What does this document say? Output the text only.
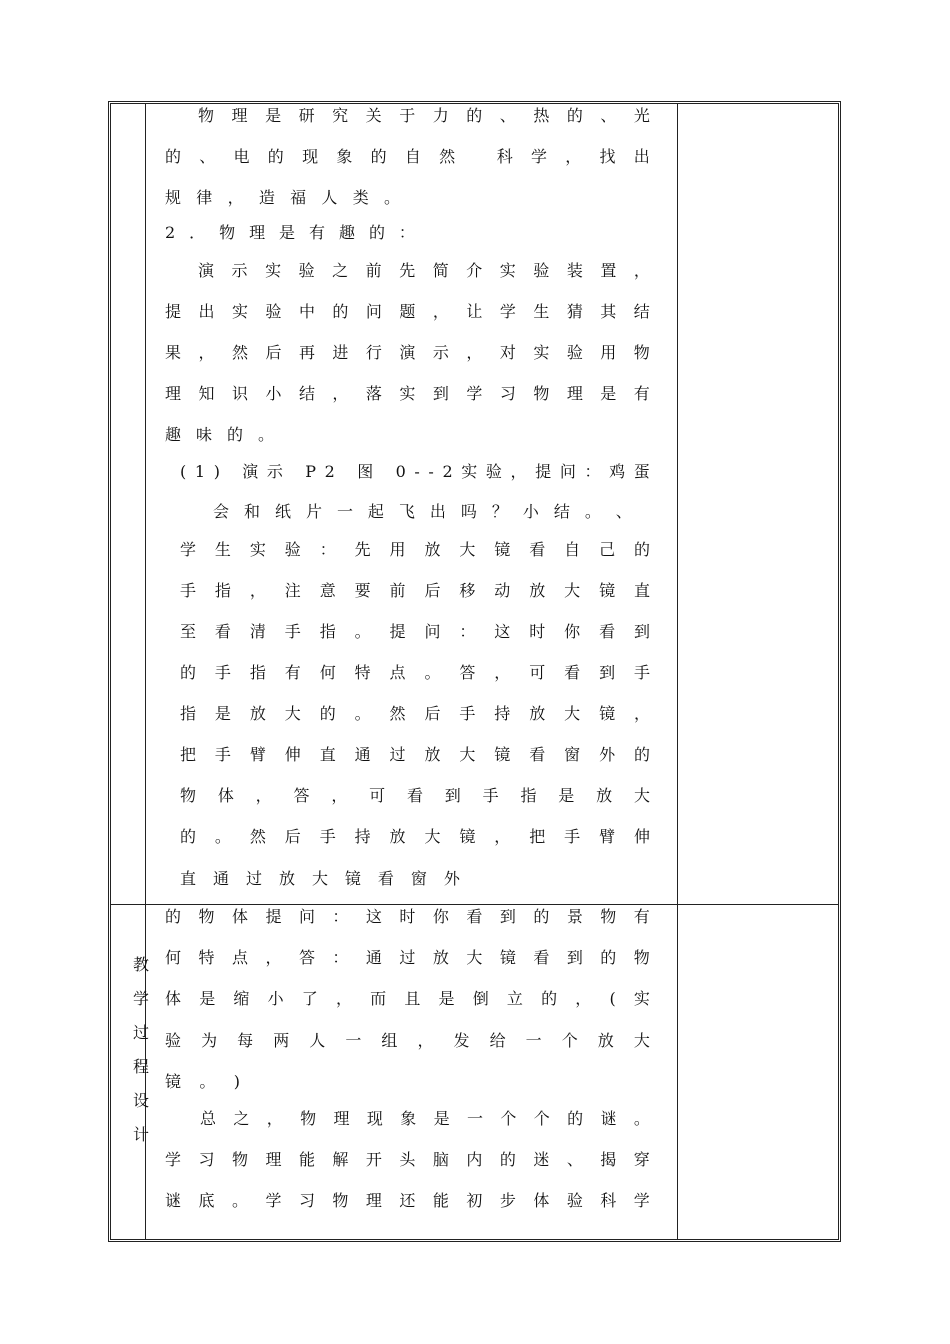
教
学
过
程
设
计
物 理 是 研 究 关 于 力 的 、 热 的 、 光
的 、 电 的 现 象 的 自 然
	科 学 ， 找 出
规 律 ， 造 福 人 类 。
2 ． 物 理 是 有 趣 的 ：
演 示 实 验 之 前 先 简 介 实 验 装 置 ，
提 出 实 验 中 的 问 题 ， 让 学 生 猜 其 结
果 ， 然 后 再 进 行 演 示 ， 对 实 验 用 物
理 知 识 小 结 ， 落 实 到 学 习 物 理 是 有
趣 味 的 。
( 1 )
演 示
P 2
图
0 - - 2 实 验 ， 提 问 ： 鸡 蛋
会 和 纸 片 一 起 飞 出 吗 ？ 小 结 。 、
学 生 实 验 ： 先 用 放 大 镜 看 自 己 的
手 指 ， 注 意 要 前 后 移 动 放 大 镜 直
至 看 清 手 指 。 提 问 ： 这 时 你 看 到
的 手 指 有 何 特 点 。 答 ， 可 看 到 手
指 是 放 大 的 。 然 后 手 持 放 大 镜 ，
把 手 臂 伸 直 通 过 放 大 镜 看 窗 外 的
物 体 ， 答 ， 可 看 到 手 指 是 放 大
的 。 然 后 手 持 放 大 镜 ， 把 手 臂 伸
直 通 过 放 大 镜 看 窗 外
的 物 体 提 问 ： 这 时 你 看 到 的 景 物 有
何 特 点 ， 答 ： 通 过 放 大 镜 看 到 的 物
体 是 缩 小 了 ， 而 且 是 倒 立 的 ， ( 实
验 为 每 两 人 一 组 ， 发 给 一 个 放 大
镜 。 )
总 之 ， 物 理 现 象 是 一 个 个 的 谜 。
学 习 物 理 能 解 开 头 脑 内 的 迷 、 揭 穿
谜 底 。 学 习 物 理 还 能 初 步 体 验 科 学
